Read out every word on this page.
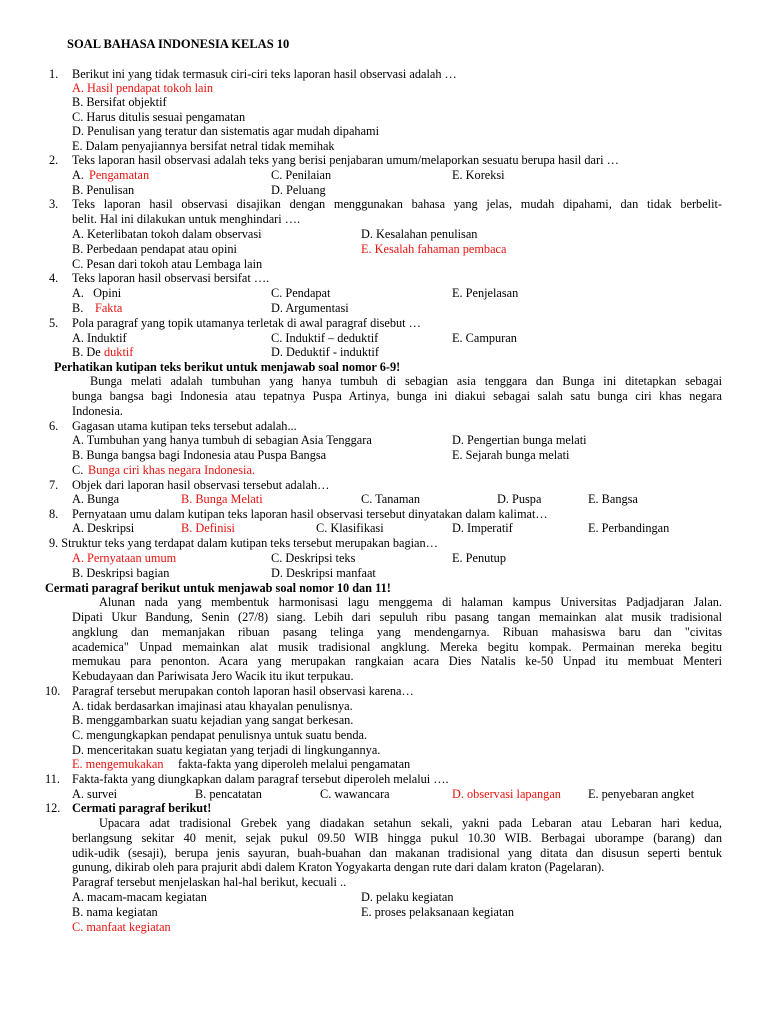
SOAL BAHASA INDONESIA KELAS 10
1. Berikut ini yang tidak termasuk ciri-ciri teks laporan hasil observasi adalah …
A. Hasil pendapat tokoh lain
B. Bersifat objektif
C. Harus ditulis sesuai pengamatan
D. Penulisan yang teratur dan sistematis agar mudah dipahami
E. Dalam penyajiannya bersifat netral tidak memihak
2. Teks laporan hasil observasi adalah teks yang berisi penjabaran umum/melaporkan sesuatu berupa hasil dari …
A. Pengamatan	C. Penilaian	E. Koreksi
B. Penulisan	D. Peluang
3. Teks laporan hasil observasi disajikan dengan menggunakan bahasa yang jelas, mudah dipahami, dan tidak berbelit-
belit. Hal ini dilakukan untuk menghindari ….
A. Keterlibatan tokoh dalam observasi	D. Kesalahan penulisan
B. Perbedaan pendapat atau opini	E. Kesalah fahaman pembaca
C. Pesan dari tokoh atau Lembaga lain
4. Teks laporan hasil observasi bersifat ….
A.   Opini	C. Pendapat	E. Penjelasan
B. Fakta	D. Argumentasi
5. Pola paragraf yang topik utamanya terletak di awal paragraf disebut …
A. Induktif	C. Induktif – deduktif	E. Campuran
B. De duktif	D. Deduktif - induktif
Perhatikan kutipan teks berikut untuk menjawab soal nomor 6-9!
Bunga melati adalah tumbuhan yang hanya tumbuh di sebagian asia tenggara dan Bunga ini ditetapkan sebagai
bunga bangsa bagi Indonesia atau tepatnya Puspa Artinya, bunga ini diakui sebagai salah satu bunga ciri khas negara
Indonesia.
6. Gagasan utama kutipan teks tersebut adalah...
A. Tumbuhan yang hanya tumbuh di sebagian Asia Tenggara	D. Pengertian bunga melati
B. Bunga bangsa bagi Indonesia atau Puspa Bangsa	E. Sejarah bunga melati
C. Bunga ciri khas negara Indonesia.
7. Objek dari laporan hasil observasi tersebut adalah…
A. Bunga	B. Bunga Melati	C. Tanaman	D. Puspa	E. Bangsa
8. Pernyataan umu dalam kutipan teks laporan hasil observasi tersebut dinyatakan dalam kalimat…
A. Deskripsi	B. Definisi	C. Klasifikasi	D. Imperatif	E. Perbandingan
9. Struktur teks yang terdapat dalam kutipan teks tersebut merupakan bagian…
A. Pernyataan umum	C. Deskripsi teks	E. Penutup
B. Deskripsi bagian	D. Deskripsi manfaat
Cermati paragraf berikut untuk menjawab soal nomor 10 dan 11!
Alunan nada yang membentuk harmonisasi lagu menggema di halaman kampus Universitas Padjadjaran Jalan.
Dipati Ukur Bandung, Senin (27/8) siang. Lebih dari sepuluh ribu pasang tangan memainkan alat musik tradisional
angklung dan memanjakan ribuan pasang telinga yang mendengarnya. Ribuan mahasiswa baru dan "civitas
academica" Unpad memainkan alat musik tradisional angklung. Mereka begitu kompak. Permainan mereka begitu
memukau para penonton. Acara yang merupakan rangkaian acara Dies Natalis ke-50 Unpad itu membuat Menteri
Kebudayaan dan Pariwisata Jero Wacik itu ikut terpukau.
10. Paragraf tersebut merupakan contoh laporan hasil observasi karena…
A. tidak berdasarkan imajinasi atau khayalan penulisnya.
B. menggambarkan suatu kejadian yang sangat berkesan.
C. mengungkapkan pendapat penulisnya untuk suatu benda.
D. menceritakan suatu kegiatan yang terjadi di lingkungannya.
E. mengemukakan fakta-fakta yang diperoleh melalui pengamatan
11. Fakta-fakta yang diungkapkan dalam paragraf tersebut diperoleh melalui ….
A. survei	B. pencatatan	C. wawancara	D. observasi lapangan E. penyebaran angket
12. Cermati paragraf berikut!
Upacara adat tradisional Grebek yang diadakan setahun sekali, yakni pada Lebaran atau Lebaran hari kedua,
berlangsung sekitar 40 menit, sejak pukul 09.50 WIB hingga pukul 10.30 WIB. Berbagai uborampe (barang) dan
udik-udik (sesaji), berupa jenis sayuran, buah-buahan dan makanan tradisional yang ditata dan disusun seperti bentuk
gunung, dikirab oleh para prajurit abdi dalem Kraton Yogyakarta dengan rute dari dalam kraton (Pagelaran).
Paragraf tersebut menjelaskan hal-hal berikut, kecuali ..
A. macam-macam kegiatan	D. pelaku kegiatan
B. nama kegiatan	E. proses pelaksanaan kegiatan
C. manfaat kegiatan
